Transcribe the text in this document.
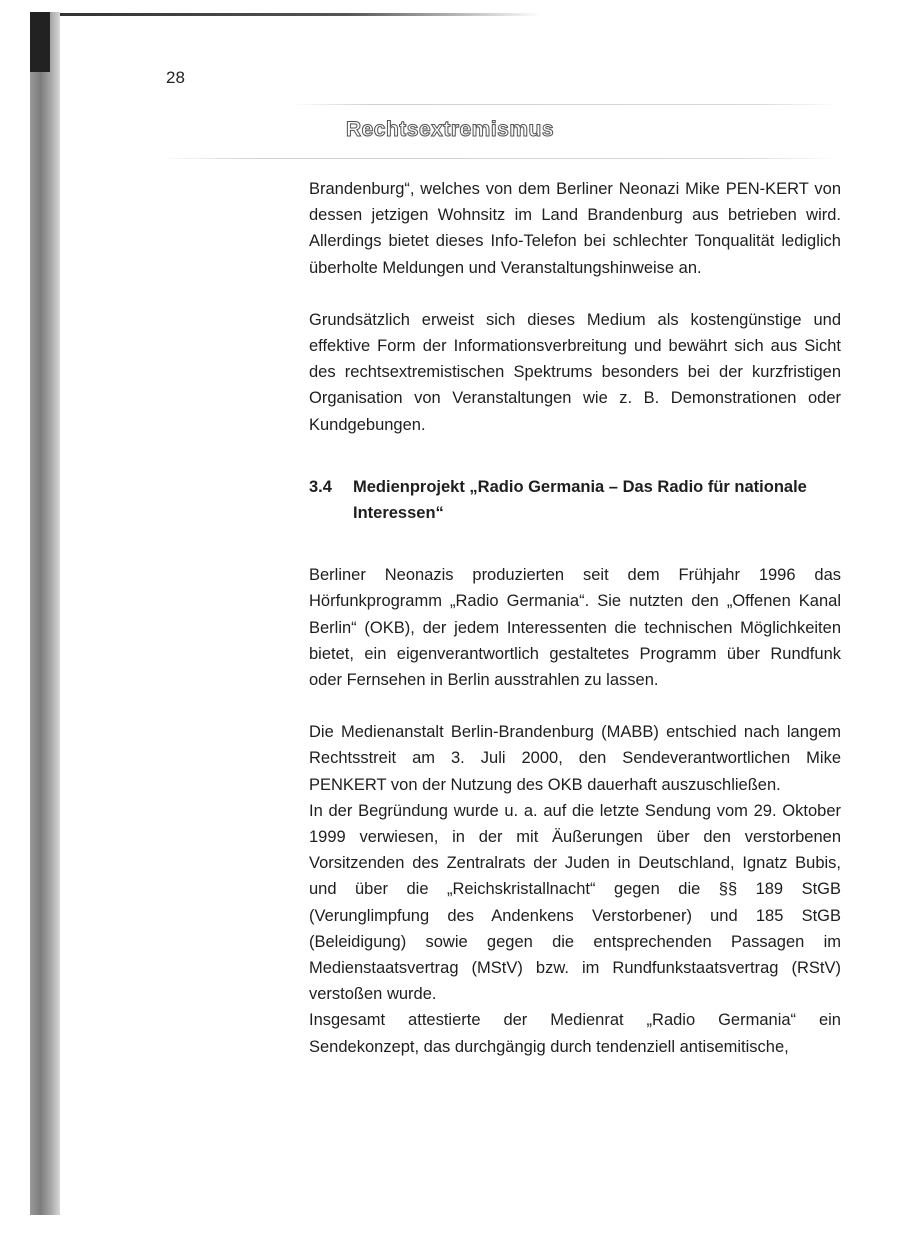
28
Rechtsextremismus

Brandenburg“, welches von dem Berliner Neonazi Mike PEN-KERT von dessen jetzigen Wohnsitz im Land Brandenburg aus betrieben wird. Allerdings bietet dieses Info-Telefon bei schlechter Tonqualität lediglich überholte Meldungen und Veranstaltungshinweise an.

Grundsätzlich erweist sich dieses Medium als kostengünstige und effektive Form der Informationsverbreitung und bewährt sich aus Sicht des rechtsextremistischen Spektrums besonders bei der kurzfristigen Organisation von Veranstaltungen wie z. B. Demonstrationen oder Kundgebungen.

3.4	Medienprojekt „Radio Germania – Das Radio für nationale Interessen“

Berliner Neonazis produzierten seit dem Frühjahr 1996 das Hörfunkprogramm „Radio Germania“. Sie nutzten den „Offenen Kanal Berlin“ (OKB), der jedem Interessenten die technischen Möglichkeiten bietet, ein eigenverantwortlich gestaltetes Programm über Rundfunk oder Fernsehen in Berlin ausstrahlen zu lassen.

Die Medienanstalt Berlin-Brandenburg (MABB) entschied nach langem Rechtsstreit am 3. Juli 2000, den Sendeverantwortlichen Mike PENKERT von der Nutzung des OKB dauerhaft auszuschließen.

In der Begründung wurde u. a. auf die letzte Sendung vom 29. Oktober 1999 verwiesen, in der mit Äußerungen über den verstorbenen Vorsitzenden des Zentralrats der Juden in Deutschland, Ignatz Bubis, und über die „Reichskristallnacht“ gegen die §§ 189 StGB (Verunglimpfung des Andenkens Verstorbener) und 185 StGB (Beleidigung) sowie gegen die entsprechenden Passagen im Medienstaatsvertrag (MStV) bzw. im Rundfunkstaatsvertrag (RStV) verstoßen wurde.

Insgesamt attestierte der Medienrat „Radio Germania“ ein Sendekonzept, das durchgängig durch tendenziell antisemitische,
